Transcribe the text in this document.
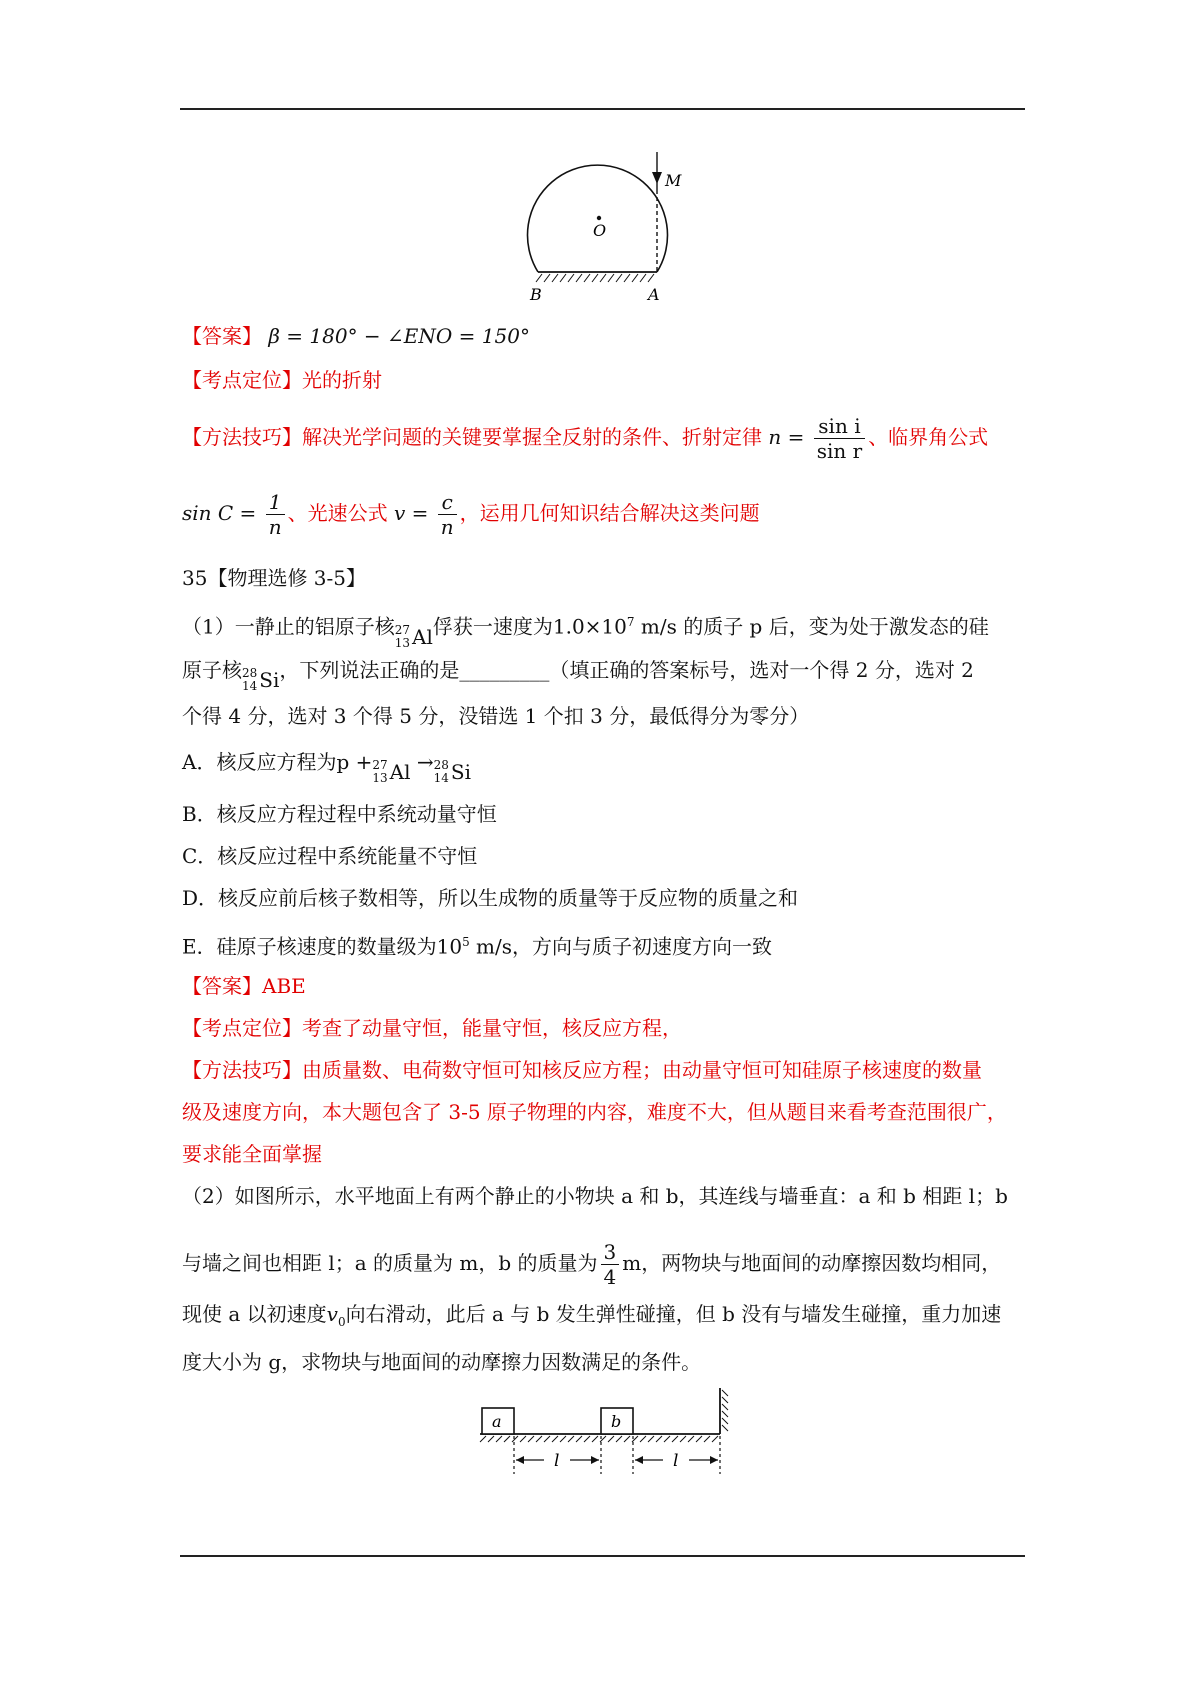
M
O
B	A
【答案】 β = 180° − ∠ENO = 150°
【考点定位】光的折射
【方法技巧】解决光学问题的关键要掌握全反射的条件、折射定律 $n = \frac{\text{sin i}}{\text{sin r}}$ 、临界角公式
$\sin C = \frac{1}{n}$ 、光速公式 $v = \frac{c}{n}$ ，运用几何知识结合解决这类问题
35【物理选修 3-5】
（1）一静止的铝原子核 27
13 Al 俘获一速度为$1.0\times 10^7$ m/s 的质子 p 后，变为处于激发态的硅
原子核 28
14 Si ，下列说法正确的是_________（填正确的答案标号，选对一个得 2 分，选对 2
个得 4 分，选对 3 个得 5 分，没错选 1 个扣 3 分，最低得分为零分）
A．核反应方程为p + 27
13 Al → 28
14 Si
B．核反应方程过程中系统动量守恒
C．核反应过程中系统能量不守恒
D．核反应前后核子数相等，所以生成物的质量等于反应物的质量之和
E．硅原子核速度的数量级为$10^5$ m/s，方向与质子初速度方向一致
【答案】ABE
【考点定位】考查了动量守恒，能量守恒，核反应方程，
【方法技巧】由质量数、电荷数守恒可知核反应方程；由动量守恒可知硅原子核速度的数量
级及速度方向，本大题包含了 3-5 原子物理的内容，难度不大，但从题目来看考查范围很广，
要求能全面掌握
（2）如图所示，水平地面上有两个静止的小物块 a 和 b，其连线与墙垂直：a 和 b 相距 l；b
与墙之间也相距 l；a 的质量为 m，b 的质量为 $\frac{3}{4}$ m，两物块与地面间的动摩擦因数均相同，
现使 a 以初速度$v_0$向右滑动，此后 a 与 b 发生弹性碰撞，但 b 没有与墙发生碰撞，重力加速
度大小为 g，求物块与地面间的动摩擦力因数满足的条件。
a	b
l	l
